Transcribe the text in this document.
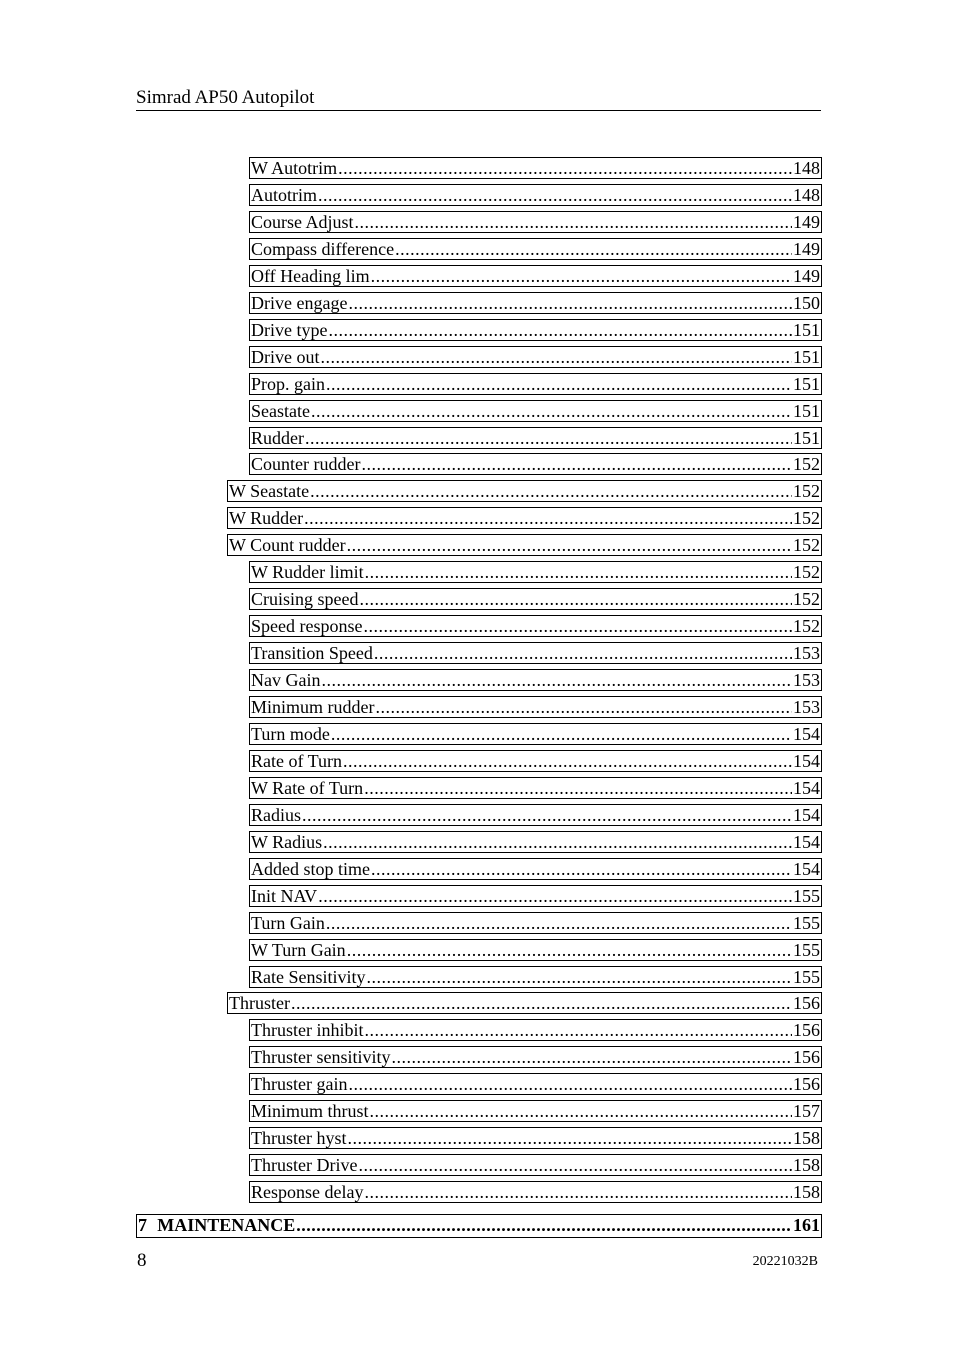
Simrad AP50 Autopilot
W Autotrim .....	148
Autotrim .....	148
Course Adjust .....	149
Compass difference .....	149
Off Heading lim .....	149
Drive engage .....	150
Drive type .....	151
Drive out .....	151
Prop. gain .....	151
Seastate .....	151
Rudder .....	151
Counter rudder .....	152
W Seastate .....	152
W Rudder .....	152
W Count rudder .....	152
W Rudder limit .....	152
Cruising speed .....	152
Speed response .....	152
Transition Speed .....	153
Nav Gain .....	153
Minimum rudder .....	153
Turn mode .....	154
Rate of Turn .....	154
W Rate of Turn .....	154
Radius .....	154
W Radius .....	154
Added stop time .....	154
Init NAV .....	155
Turn Gain .....	155
W Turn Gain .....	155
Rate Sensitivity .....	155
Thruster .....	156
Thruster inhibit .....	156
Thruster sensitivity .....	156
Thruster gain .....	156
Minimum thrust .....	157
Thruster hyst .....	158
Thruster Drive .....	158
Response delay .....	158
7 MAINTENANCE .....	161
8	20221032B
